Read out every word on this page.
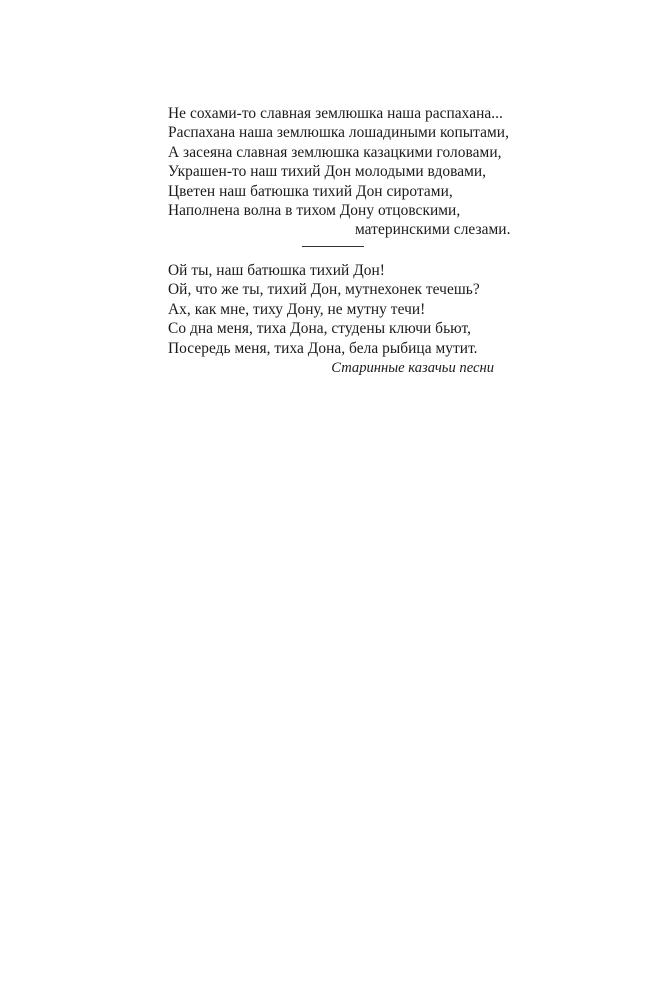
Не сохами-то славная землюшка наша распахана...
Распахана наша землюшка лошадиными копытами,
А засеяна славная землюшка казацкими головами,
Украшен-то наш тихий Дон молодыми вдовами,
Цветен наш батюшка тихий Дон сиротами,
Наполнена волна в тихом Дону отцовскими,
материнскими слезами.
Ой ты, наш батюшка тихий Дон!
Ой, что же ты, тихий Дон, мутнехонек течешь?
Ах, как мне, тиху Дону, не мутну течи!
Со дна меня, тиха Дона, студены ключи бьют,
Посередь меня, тиха Дона, бела рыбица мутит.
Старинные казачьи песни
